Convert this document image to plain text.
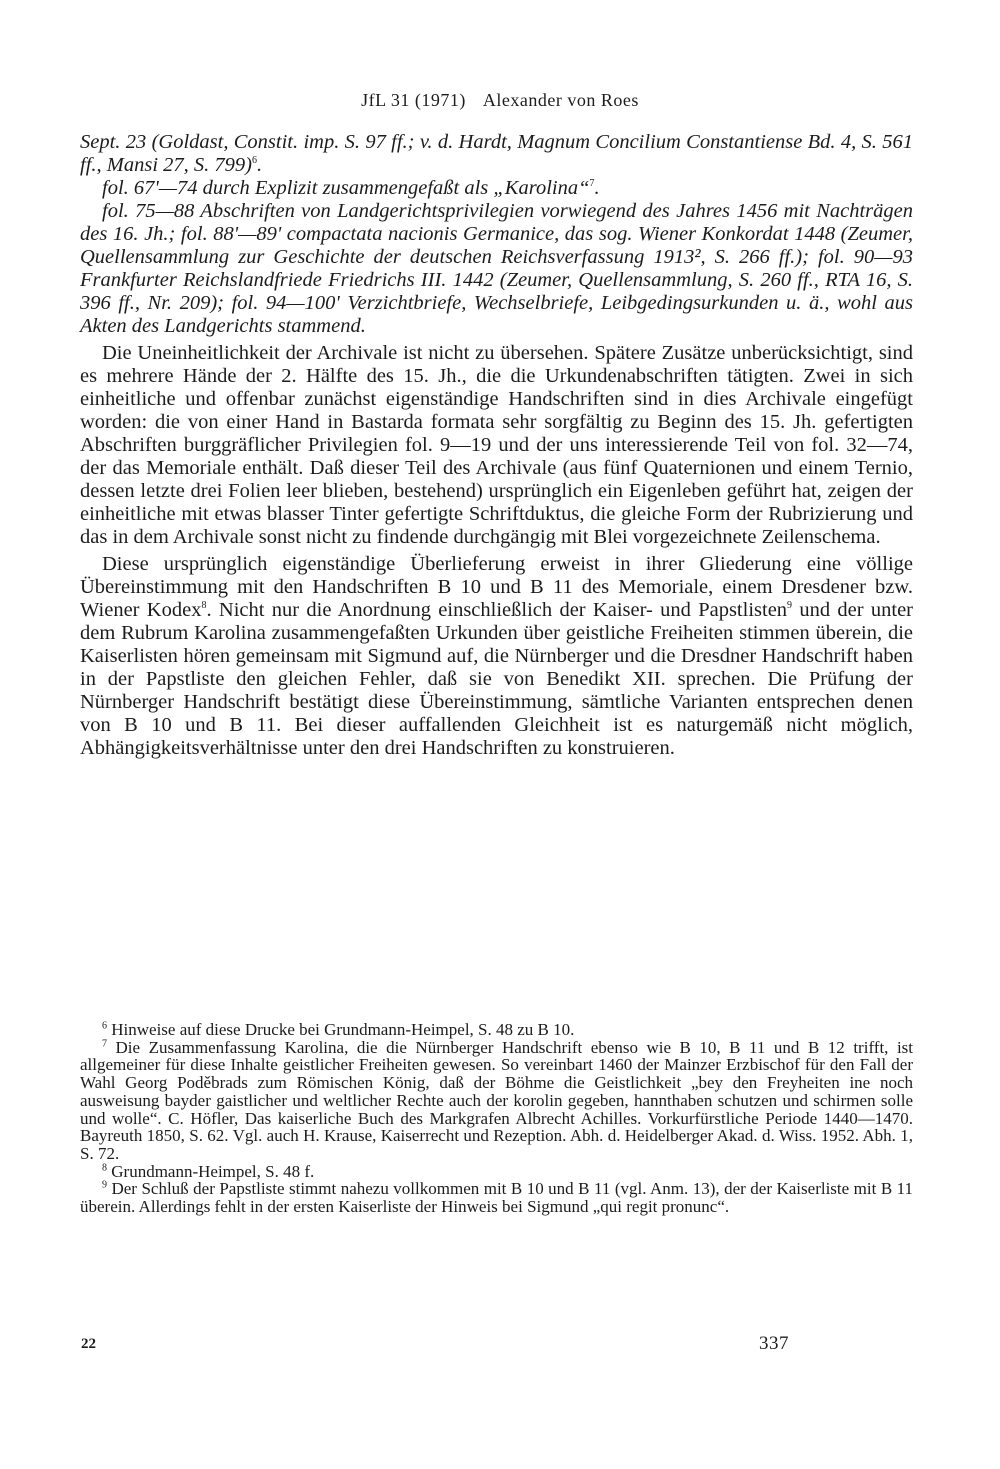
JfL 31 (1971) Alexander von Roes

Sept. 23 (Goldast, Constit. imp. S. 97 ff.; v. d. Hardt, Magnum Concilium Constantiense Bd. 4, S. 561 ff., Mansi 27, S. 799)$^6$.

fol. 67'—74 durch Explizit zusammengefaßt als „Karolina“$^7$.

fol. 75—88 Abschriften von Landgerichtsprivilegien vorwiegend des Jahres 1456 mit Nachträgen des 16. Jh.; fol. 88'—89' compactata nacionis Germanice, das sog. Wiener Konkordat 1448 (Zeumer, Quellensammlung zur Geschichte der deutschen Reichsverfassung 1913², S. 266 ff.); fol. 90—93 Frankfurter Reichslandfriede Friedrichs III. 1442 (Zeumer, Quellensammlung, S. 260 ff., RTA 16, S. 396 ff., Nr. 209); fol. 94—100' Verzichtbriefe, Wechselbriefe, Leibgedingsurkunden u. ä., wohl aus Akten des Landgerichts stammend.

Die Uneinheitlichkeit der Archivale ist nicht zu übersehen. Spätere Zusätze unberücksichtigt, sind es mehrere Hände der 2. Hälfte des 15. Jh., die die Urkundenabschriften tätigten. Zwei in sich einheitliche und offenbar zunächst eigenständige Handschriften sind in dies Archivale eingefügt worden: die von einer Hand in Bastarda formata sehr sorgfältig zu Beginn des 15. Jh. gefertigten Abschriften burggräflicher Privilegien fol. 9—19 und der uns interessierende Teil von fol. 32—74, der das Memoriale enthält. Daß dieser Teil des Archivale (aus fünf Quaternionen und einem Ternio, dessen letzte drei Folien leer blieben, bestehend) ursprünglich ein Eigenleben geführt hat, zeigen der einheitliche mit etwas blasser Tinter gefertigte Schriftduktus, die gleiche Form der Rubrizierung und das in dem Archivale sonst nicht zu findende durchgängig mit Blei vorgezeichnete Zeilenschema.

Diese ursprünglich eigenständige Überlieferung erweist in ihrer Gliederung eine völlige Übereinstimmung mit den Handschriften B 10 und B 11 des Memoriale, einem Dresdener bzw. Wiener Kodex$^8$. Nicht nur die Anordnung einschließlich der Kaiser- und Papstlisten$^9$ und der unter dem Rubrum Karolina zusammengefaßten Urkunden über geistliche Freiheiten stimmen überein, die Kaiserlisten hören gemeinsam mit Sigmund auf, die Nürnberger und die Dresdner Handschrift haben in der Papstliste den gleichen Fehler, daß sie von Benedikt XII. sprechen. Die Prüfung der Nürnberger Handschrift bestätigt diese Übereinstimmung, sämtliche Varianten entsprechen denen von B 10 und B 11. Bei dieser auffallenden Gleichheit ist es naturgemäß nicht möglich, Abhängigkeitsverhältnisse unter den drei Handschriften zu konstruieren.

$^6$ Hinweise auf diese Drucke bei Grundmann-Heimpel, S. 48 zu B 10.

$^7$ Die Zusammenfassung Karolina, die die Nürnberger Handschrift ebenso wie B 10, B 11 und B 12 trifft, ist allgemeiner für diese Inhalte geistlicher Freiheiten gewesen. So vereinbart 1460 der Mainzer Erzbischof für den Fall der Wahl Georg Poděbrads zum Römischen König, daß der Böhme die Geistlichkeit „bey den Freyheiten ine noch ausweisung bayder gaistlicher und weltlicher Rechte auch der korolin gegeben, hannthaben schutzen und schirmen solle und wolle“. C. Höfler, Das kaiserliche Buch des Markgrafen Albrecht Achilles. Vorkurfürstliche Periode 1440—1470. Bayreuth 1850, S. 62. Vgl. auch H. Krause, Kaiserrecht und Rezeption. Abh. d. Heidelberger Akad. d. Wiss. 1952. Abh. 1, S. 72.

$^8$ Grundmann-Heimpel, S. 48 f.

$^9$ Der Schluß der Papstliste stimmt nahezu vollkommen mit B 10 und B 11 (vgl. Anm. 13), der der Kaiserliste mit B 11 überein. Allerdings fehlt in der ersten Kaiserliste der Hinweis bei Sigmund „qui regit pronunc“.

22	337
